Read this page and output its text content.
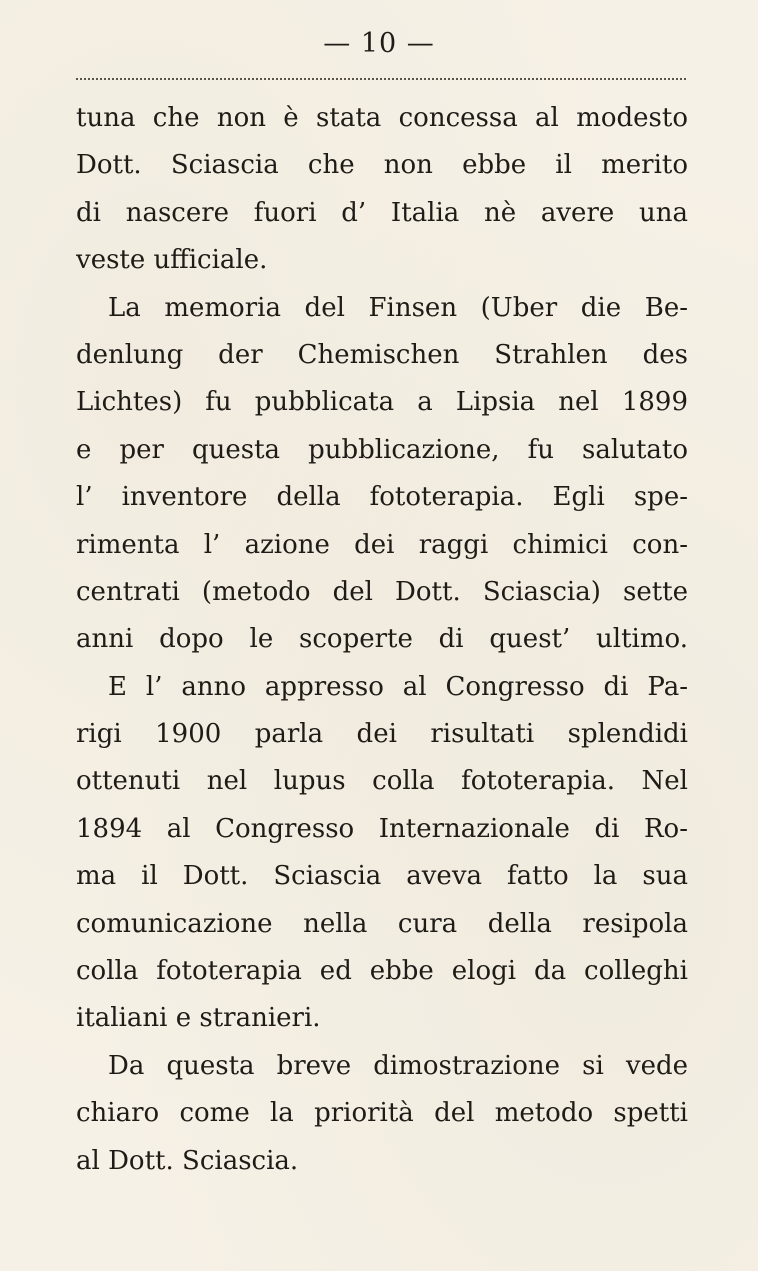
— 10 —
tuna che non è stata concessa al modesto
Dott. Sciascia che non ebbe il merito
di nascere fuori d’ Italia nè avere una
veste ufficiale.
La memoria del Finsen (Uber die Be-
denlung der Chemischen Strahlen des
Lichtes) fu pubblicata a Lipsia nel 1899
e per questa pubblicazione, fu salutato
l’ inventore della fototerapia. Egli spe-
rimenta l’ azione dei raggi chimici con-
centrati (metodo del Dott. Sciascia) sette
anni dopo le scoperte di quest’ ultimo.
E l’ anno appresso al Congresso di Pa-
rigi 1900 parla dei risultati splendidi
ottenuti nel lupus colla fototerapia. Nel
1894 al Congresso Internazionale di Ro-
ma il Dott. Sciascia aveva fatto la sua
comunicazione nella cura della resipola
colla fototerapia ed ebbe elogi da colleghi
italiani e stranieri.
Da questa breve dimostrazione si vede
chiaro come la priorità del metodo spetti
al Dott. Sciascia.
